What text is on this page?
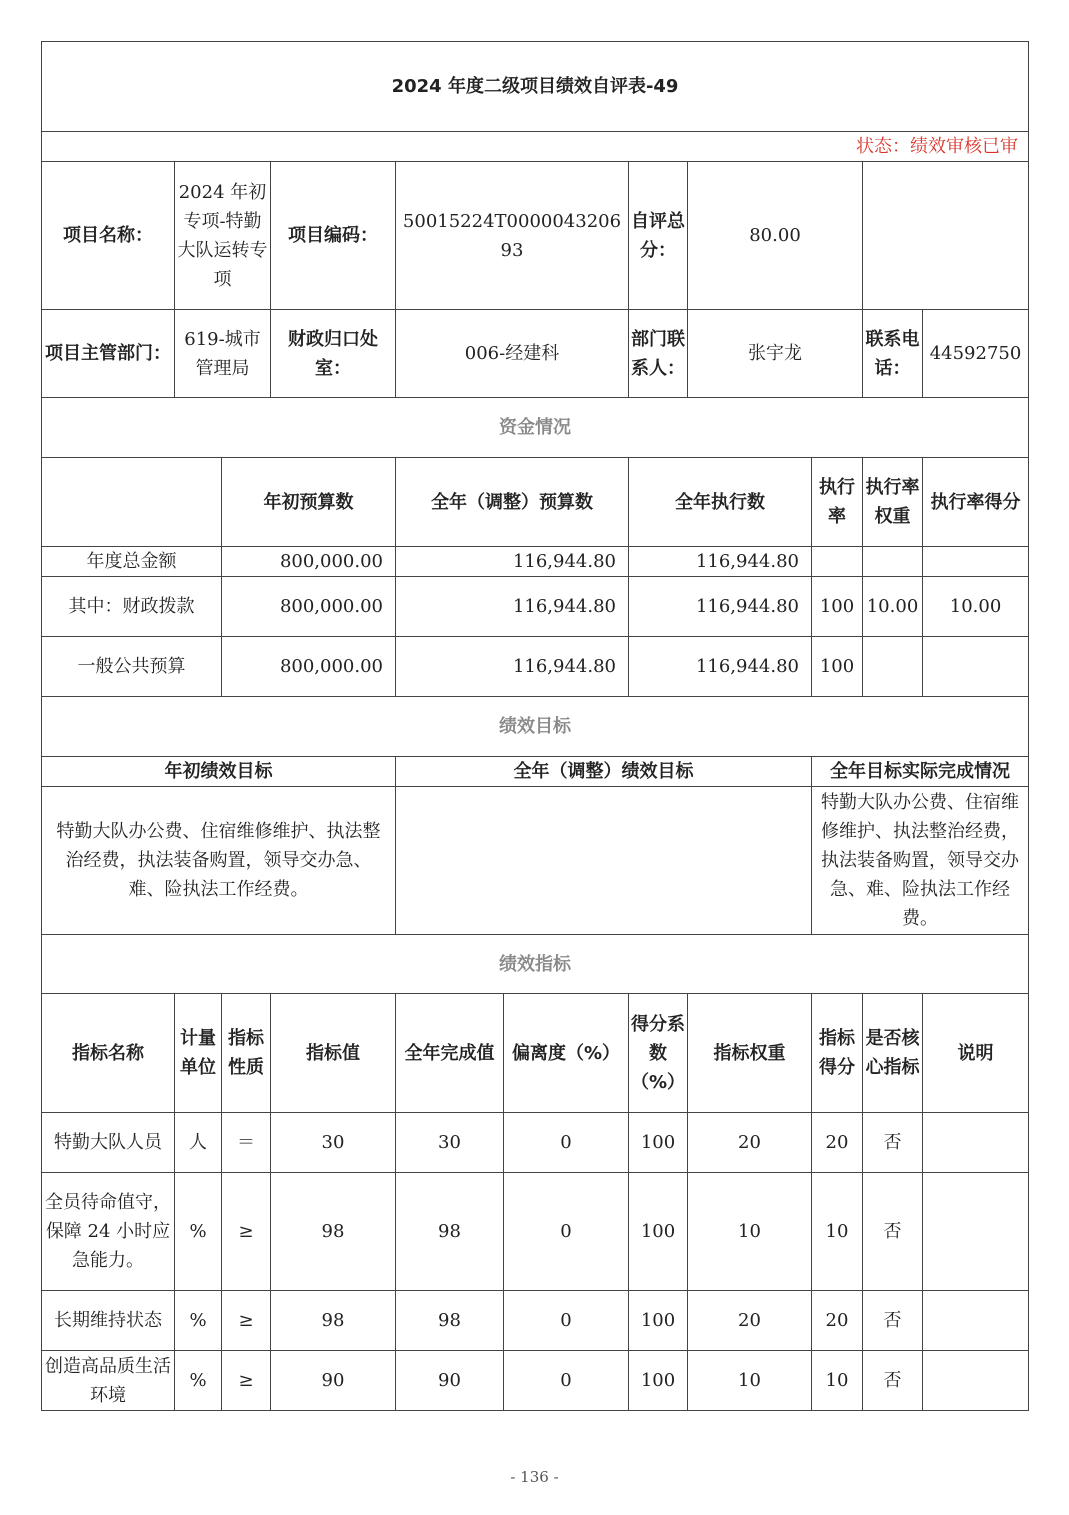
2024 年度二级项目绩效自评表-49										
状态：绩效审核已审										
项目名称：	2024 年初专项-特勤大队运转专项		项目编码：	50015224T000004320693		自评总分：	80.00			
项目主管部门：	619-城市管理局		财政归口处室：	006-经建科		部门联系人：	张宇龙		联系电话：	44592750
资金情况										
		年初预算数		全年（调整）预算数		全年执行数		执行率	执行率权重	执行率得分
年度总金额		800,000.00		116,944.80		116,944.80				
其中：财政拨款		800,000.00		116,944.80		116,944.80		100	10.00	10.00
一般公共预算		800,000.00		116,944.80		116,944.80		100		
绩效目标										
年初绩效目标				全年（调整）绩效目标				全年目标实际完成情况		
特勤大队办公费、住宿维修维护、执法整治经费，执法装备购置，领导交办急、难、险执法工作经费。								特勤大队办公费、住宿维修维护、执法整治经费，执法装备购置，领导交办急、难、险执法工作经费。		
绩效指标										
指标名称	计量单位	指标性质	指标值	全年完成值	偏离度（%）	得分系数（%）	指标权重	指标得分	是否核心指标	说明
特勤大队人员	人	＝	30	30	0	100	20	20	否	
全员待命值守，保障 24 小时应急能力。	%	≥	98	98	0	100	10	10	否	
长期维持状态	%	≥	98	98	0	100	20	20	否	
创造高品质生活环境	%	≥	90	90	0	100	10	10	否	
- 136 -
